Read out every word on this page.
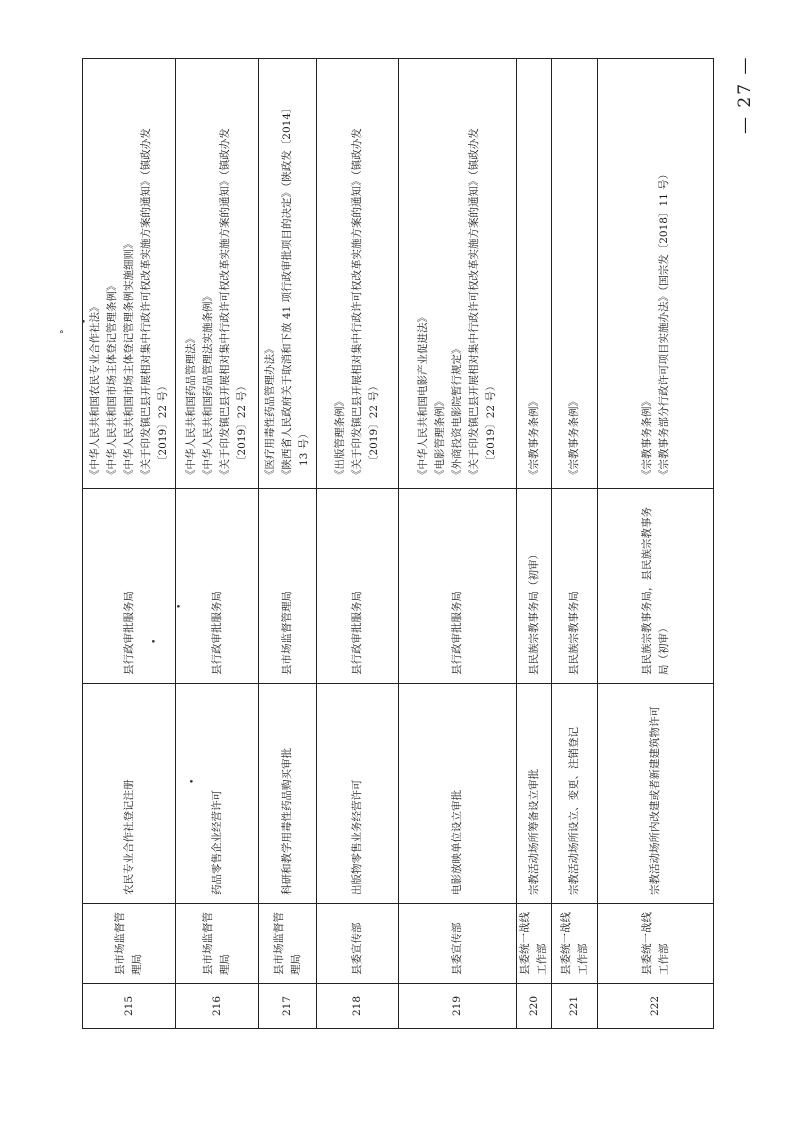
215	县市场监督管理局	农民专业合作社登记注册	县行政审批服务局	《中华人民共和国农民专业合作社法》 《中华人民共和国市场主体登记管理条例》 《中华人民共和国市场主体登记管理条例实施细则》 《关于印发镇巴县开展相对集中行政许可权改革实施方案的通知》（镇政办发 〔2019〕22 号）

216	县市场监督管理局	药品零售企业经营许可	县行政审批服务局	《中华人民共和国药品管理法》 《中华人民共和国药品管理法实施条例》 《关于印发镇巴县开展相对集中行政许可权改革实施方案的通知》（镇政办发 〔2019〕22 号）

217	县市场监督管理局	科研和教学用毒性药品购买审批	县市场监督管理局	《医疗用毒性药品管理办法》 《陕西省人民政府关于取消和下放 41 项行政审批项目的决定》（陕政发〔2014〕 13 号）

218	县委宣传部	出版物零售业务经营许可	县行政审批服务局	《出版管理条例》 《关于印发镇巴县开展相对集中行政许可权改革实施方案的通知》（镇政办发 〔2019〕22 号）

219	县委宣传部	电影放映单位设立审批	县行政审批服务局	《中华人民共和国电影产业促进法》 《电影管理条例》 《外商投资电影院暂行规定》 《关于印发镇巴县开展相对集中行政许可权改革实施方案的通知》（镇政办发 〔2019〕22 号）

220	县委统一战线工作部	宗教活动场所筹备设立审批	县民族宗教事务局（初审）	《宗教事务条例》

221	县委统一战线工作部	宗教活动场所设立、变更、注销登记	县民族宗教事务局	《宗教事务条例》

222	县委统一战线工作部	宗教活动场所内改建或者新建建筑物许可	县民族宗教事务局，县民族宗教事务局（初审）	《宗教事务条例》 《宗教事务部分行政许可项目实施办法》（国宗发〔2018〕11 号）
— 27 —
•
•
°
•
•
